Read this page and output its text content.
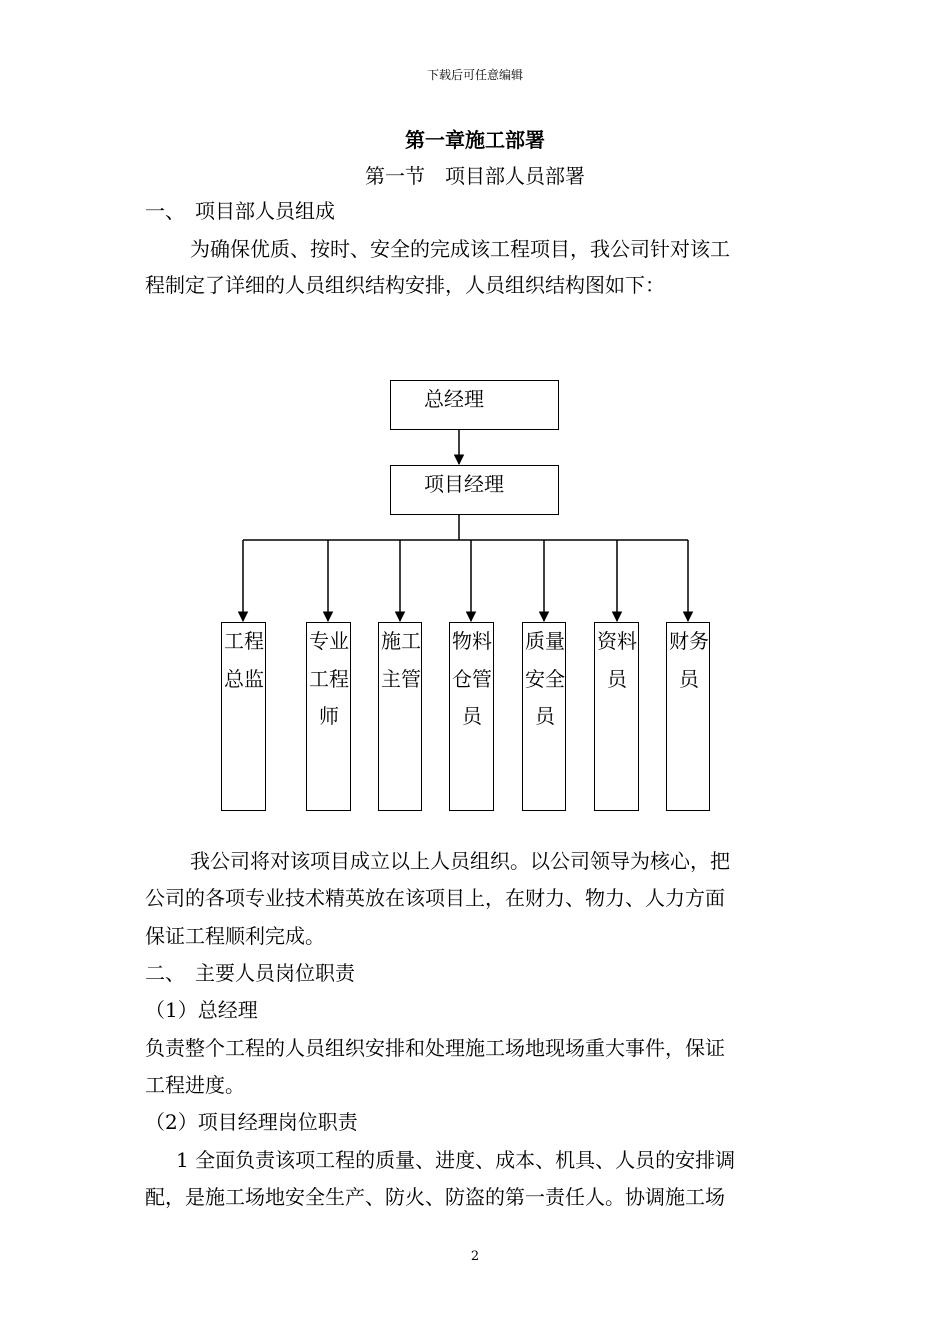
下载后可任意编辑
第一章施工部署
第一节　项目部人员部署
一、　项目部人员组成
为确保优质、按时、安全的完成该工程项目，我公司针对该工
程制定了详细的人员组织结构安排，人员组织结构图如下：
总经理
项目经理
工程总监
专业工程师
施工主管
物料仓管员
质量安全员
资料员
财务员
我公司将对该项目成立以上人员组织。以公司领导为核心，把
公司的各项专业技术精英放在该项目上，在财力、物力、人力方面
保证工程顺利完成。
二、　主要人员岗位职责
（1）总经理
负责整个工程的人员组织安排和处理施工场地现场重大事件，保证
工程进度。
（2）项目经理岗位职责
1 全面负责该项工程的质量、进度、成本、机具、人员的安排调
配，是施工场地安全生产、防火、防盗的第一责任人。协调施工场
2
